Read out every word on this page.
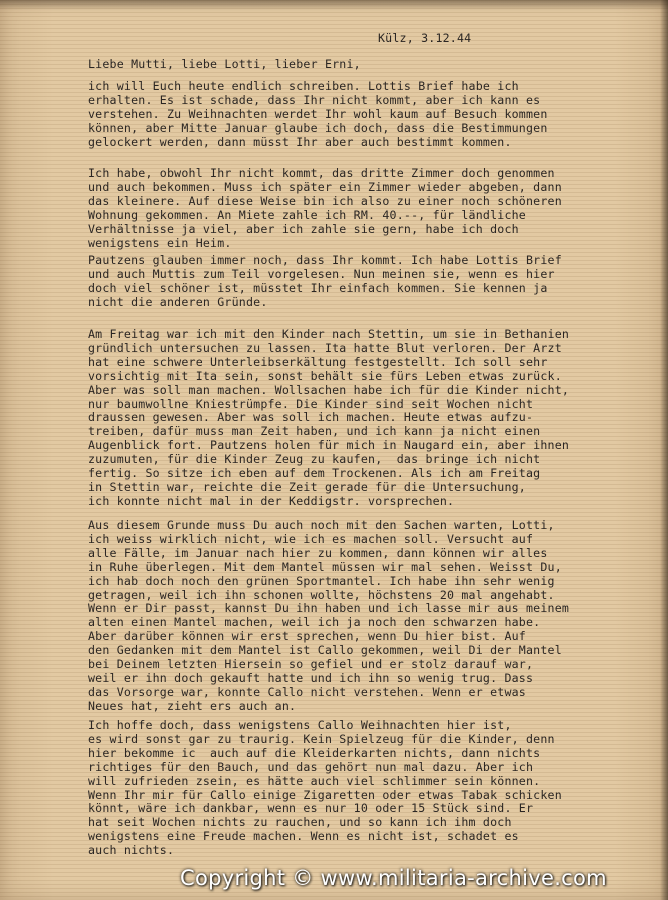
Külz, 3.12.44
Liebe Mutti, liebe Lotti, lieber Erni,
ich will Euch heute endlich schreiben. Lottis Brief habe ich
erhalten. Es ist schade, dass Ihr nicht kommt, aber ich kann es
verstehen. Zu Weihnachten werdet Ihr wohl kaum auf Besuch kommen
können, aber Mitte Januar glaube ich doch, dass die Bestimmungen
gelockert werden, dann müsst Ihr aber auch bestimmt kommen.
Ich habe, obwohl Ihr nicht kommt, das dritte Zimmer doch genommen
und auch bekommen. Muss ich später ein Zimmer wieder abgeben, dann
das kleinere. Auf diese Weise bin ich also zu einer noch schöneren
Wohnung gekommen. An Miete zahle ich RM. 40.--, für ländliche
Verhältnisse ja viel, aber ich zahle sie gern, habe ich doch
wenigstens ein Heim.
Pautzens glauben immer noch, dass Ihr kommt. Ich habe Lottis Brief
und auch Muttis zum Teil vorgelesen. Nun meinen sie, wenn es hier
doch viel schöner ist, müsstet Ihr einfach kommen. Sie kennen ja
nicht die anderen Gründe.
Am Freitag war ich mit den Kinder nach Stettin, um sie in Bethanien
gründlich untersuchen zu lassen. Ita hatte Blut verloren. Der Arzt
hat eine schwere Unterleibserkältung festgestellt. Ich soll sehr
vorsichtig mit Ita sein, sonst behält sie fürs Leben etwas zurück.
Aber was soll man machen. Wollsachen habe ich für die Kinder nicht,
nur baumwollne Kniestrümpfe. Die Kinder sind seit Wochen nicht
draussen gewesen. Aber was soll ich machen. Heute etwas aufzu-
treiben, dafür muss man Zeit haben, und ich kann ja nicht einen
Augenblick fort. Pautzens holen für mich in Naugard ein, aber ihnen
zuzumuten, für die Kinder Zeug zu kaufen,  das bringe ich nicht
fertig. So sitze ich eben auf dem Trockenen. Als ich am Freitag
in Stettin war, reichte die Zeit gerade für die Untersuchung,
ich konnte nicht mal in der Keddigstr. vorsprechen.
Aus diesem Grunde muss Du auch noch mit den Sachen warten, Lotti,
ich weiss wirklich nicht, wie ich es machen soll. Versucht auf
alle Fälle, im Januar nach hier zu kommen, dann können wir alles
in Ruhe überlegen. Mit dem Mantel müssen wir mal sehen. Weisst Du,
ich hab doch noch den grünen Sportmantel. Ich habe ihn sehr wenig
getragen, weil ich ihn schonen wollte, höchstens 20 mal angehabt.
Wenn er Dir passt, kannst Du ihn haben und ich lasse mir aus meinem
alten einen Mantel machen, weil ich ja noch den schwarzen habe.
Aber darüber können wir erst sprechen, wenn Du hier bist. Auf
den Gedanken mit dem Mantel ist Callo gekommen, weil Di der Mantel
bei Deinem letzten Hiersein so gefiel und er stolz darauf war,
weil er ihn doch gekauft hatte und ich ihn so wenig trug. Dass
das Vorsorge war, konnte Callo nicht verstehen. Wenn er etwas
Neues hat, zieht ers auch an.
Ich hoffe doch, dass wenigstens Callo Weihnachten hier ist,
es wird sonst gar zu traurig. Kein Spielzeug für die Kinder, denn
hier bekomme ic  auch auf die Kleiderkarten nichts, dann nichts
richtiges für den Bauch, und das gehört nun mal dazu. Aber ich
will zufrieden zsein, es hätte auch viel schlimmer sein können.
Wenn Ihr mir für Callo einige Zigaretten oder etwas Tabak schicken
könnt, wäre ich dankbar, wenn es nur 10 oder 15 Stück sind. Er
hat seit Wochen nichts zu rauchen, und so kann ich ihm doch
wenigstens eine Freude machen. Wenn es nicht ist, schadet es
auch nichts.
Copyright © www.militaria-archive.com
